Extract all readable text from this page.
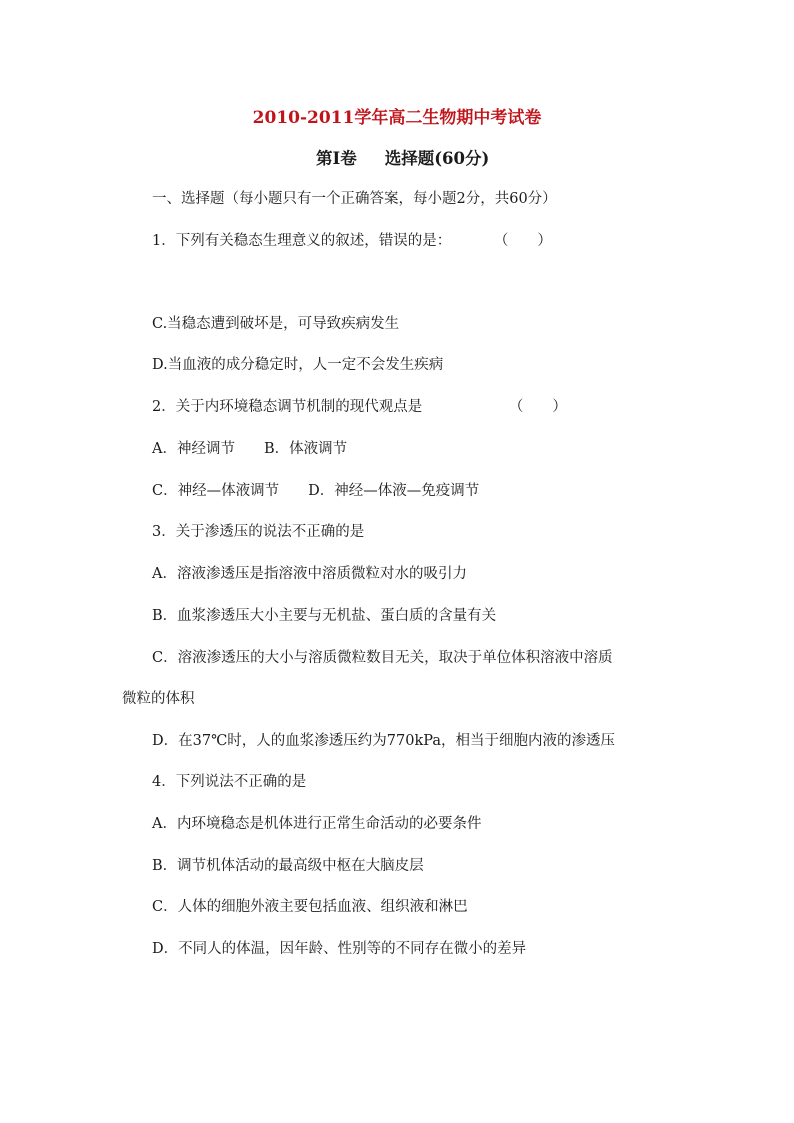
2010-2011学年高二生物期中考试卷
第Ⅰ卷 选择题(60分)
一、选择题（每小题只有一个正确答案，每小题2分，共60分）
1．下列有关稳态生理意义的叙述，错误的是：	（　　）
C.当稳态遭到破坏是，可导致疾病发生
D.当血液的成分稳定时，人一定不会发生疾病
2．关于内环境稳态调节机制的现代观点是	（　　）
A．神经调节　　B．体液调节
C．神经—体液调节　　D．神经—体液—免疫调节
3．关于渗透压的说法不正确的是
A．溶液渗透压是指溶液中溶质微粒对水的吸引力
B．血浆渗透压大小主要与无机盐、蛋白质的含量有关
C．溶液渗透压的大小与溶质微粒数目无关，取决于单位体积溶液中溶质
微粒的体积
D．在37℃时，人的血浆渗透压约为770kPa，相当于细胞内液的渗透压
4．下列说法不正确的是
A．内环境稳态是机体进行正常生命活动的必要条件
B．调节机体活动的最高级中枢在大脑皮层
C．人体的细胞外液主要包括血液、组织液和淋巴
D．不同人的体温，因年龄、性别等的不同存在微小的差异
